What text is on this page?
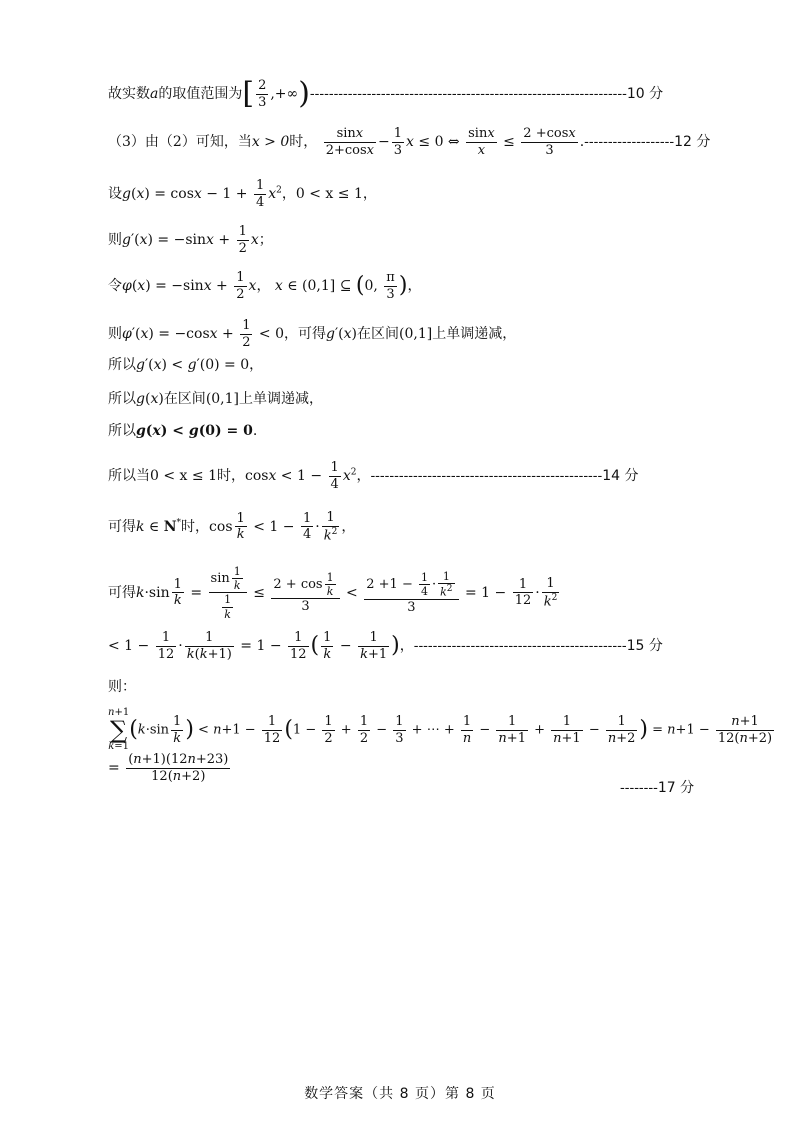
故实数a的取值范围为[ $\frac{2}{3} ,+\infty)-------------------------------------------------------------------10$ 分
（3）由（2）可知，当x > 0时， $\frac{\sin x}{2+\cos x} - \frac{1}{3}$ x ≤ 0 ⇔ $\frac{\sin x}{x} \le \frac{2 +\cos x}{3} .-------------------12$ 分
设$g(x) = \cos x - 1 + \frac{1}{4} x^2$，0 < x ≤ 1，
则$g'(x) = -\sin x + \frac{1}{2}$ x；
令$\varphi(x) = -\sin x + \frac{1}{2}$ x， x ∈ (0,1] ⊆ (0, $\frac{\pi}{3}$ )，
则$\varphi'(x) = -\cos x + \frac{1}{2} < 0$，可得g′(x)在区间(0,1]上单调递减，
所以g′(x) < g′(0) = 0，
所以g(x)在区间(0,1]上单调递减，
所以g(x) < g(0) = 0.
所以当0 < x ≤ 1时，$\cos x < 1 - \frac{1}{4} x^2$，-------------------------------------------------14 分
可得k ∈ N*时，$\cos \frac{1}{k} < 1 - \frac{1}{4} \cdot \frac{1}{k^2}$ ，
可得$k\cdot\sin \frac{1}{k} = \frac{\sin \frac{1}{k}}{\frac{1}{k}} \le \frac{2 + \cos \frac{1}{k}}{3} < \frac{2 +1 - \frac{1}{4} \cdot \frac{1}{k^2}}{3} = 1 - \frac{1}{12} \cdot \frac{1}{k^2}$
< $1 - \frac{1}{12} \cdot \frac{1}{k(k+1)} = 1 - \frac{1}{12}$ ( $\frac{1}{k} - \frac{1}{k+1}$ )，---------------------------------------------15 分
则：
n+1
∑
$k=1(k\cdot\sin \frac{1}{k}$ ) < $n+1 - \frac{1}{12} (1 - \frac{1}{2} + \frac{1}{2} - \frac{1}{3}$ + ⋯ + $\frac{1}{n} - \frac{1}{n+1} + \frac{1}{n+1} - \frac{1}{n+2}$ ) = $n+1 - \frac{n+1}{12(n+2)}$
= $\frac{(n+1)(12n+23)}{12(n+2)}$
--------17 分
数学答案（共 8 页）第 8 页
